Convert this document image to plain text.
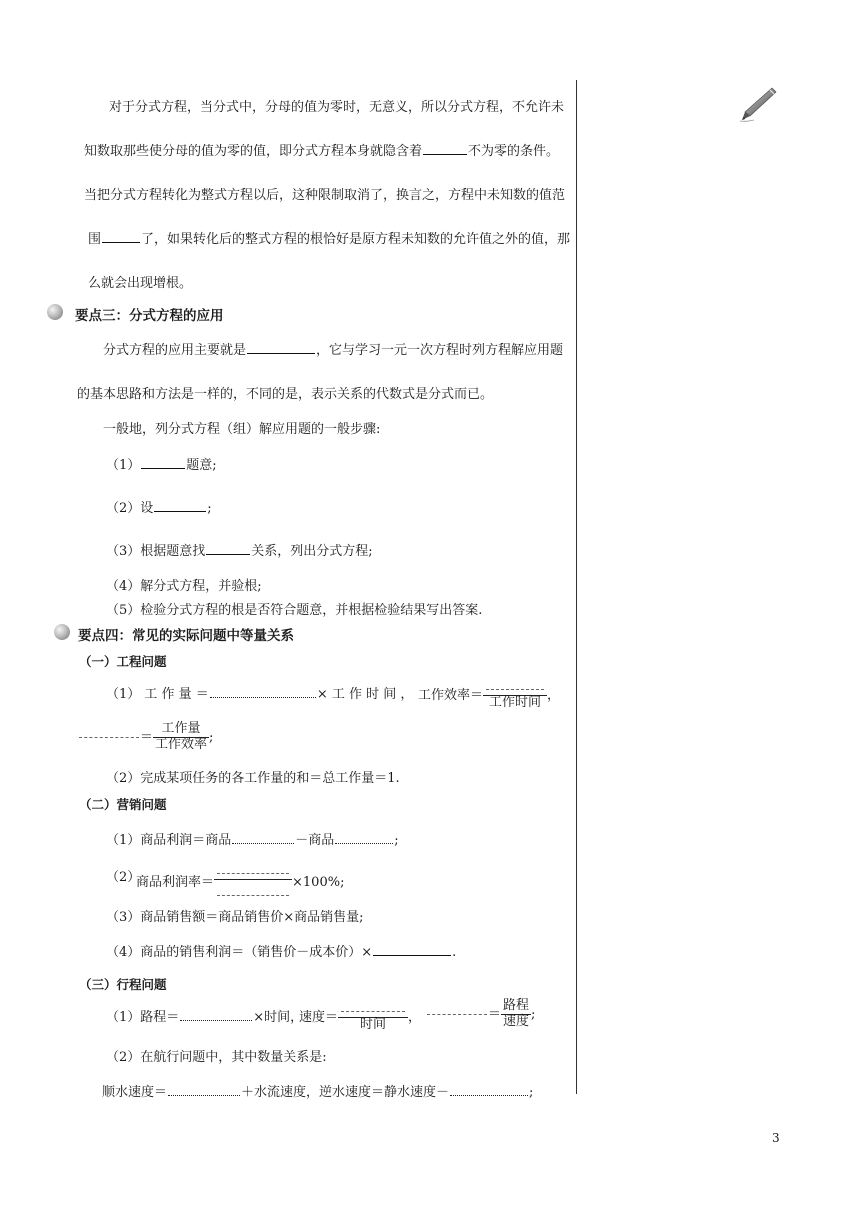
对于分式方程，当分式中，分母的值为零时，无意义，所以分式方程，不允许未
知数取那些使分母的值为零的值，即分式方程本身就隐含着	不为零的条件。
当把分式方程转化为整式方程以后，这种限制取消了，换言之，方程中未知数的值范
围	了，如果转化后的整式方程的根恰好是原方程未知数的允许值之外的值，那
么就会出现增根。
要点三：分式方程的应用
分式方程的应用主要就是	，它与学习一元一次方程时列方程解应用题
的基本思路和方法是一样的，不同的是，表示关系的代数式是分式而已。
一般地，列分式方程（组）解应用题的一般步骤:
（1）	题意;
（2）设	;
（3）根据题意找	关系，列出分式方程;
（4）解分式方程，并验根;
（5）检验分式方程的根是否符合题意，并根据检验结果写出答案.
要点四：常见的实际问题中等量关系
（一）工程问题
（1） 工 作 量 ＝	× 工 作 时 间 ， 工作效率＝ 工作时间 ，
＝ $\frac{\text{工作量}}{\text{工作效率}}$ ;
（2）完成某项任务的各工作量的和＝总工作量＝1.
（二）营销问题
（1）商品利润＝商品	－商品	;
（2）
商品利润率＝	×100%;
（3）商品销售额＝商品销售价×商品销售量;
（4）商品的销售利润＝（销售价－成本价）×	.
（三）行程问题
（1）路程＝	×时间，
速度＝	时间	，	＝ $\frac{\text{路程}}{\text{速度}}$ ;
（2）在航行问题中，其中数量关系是:
顺水速度＝	＋水流速度，逆水速度＝静水速度－	;
3
